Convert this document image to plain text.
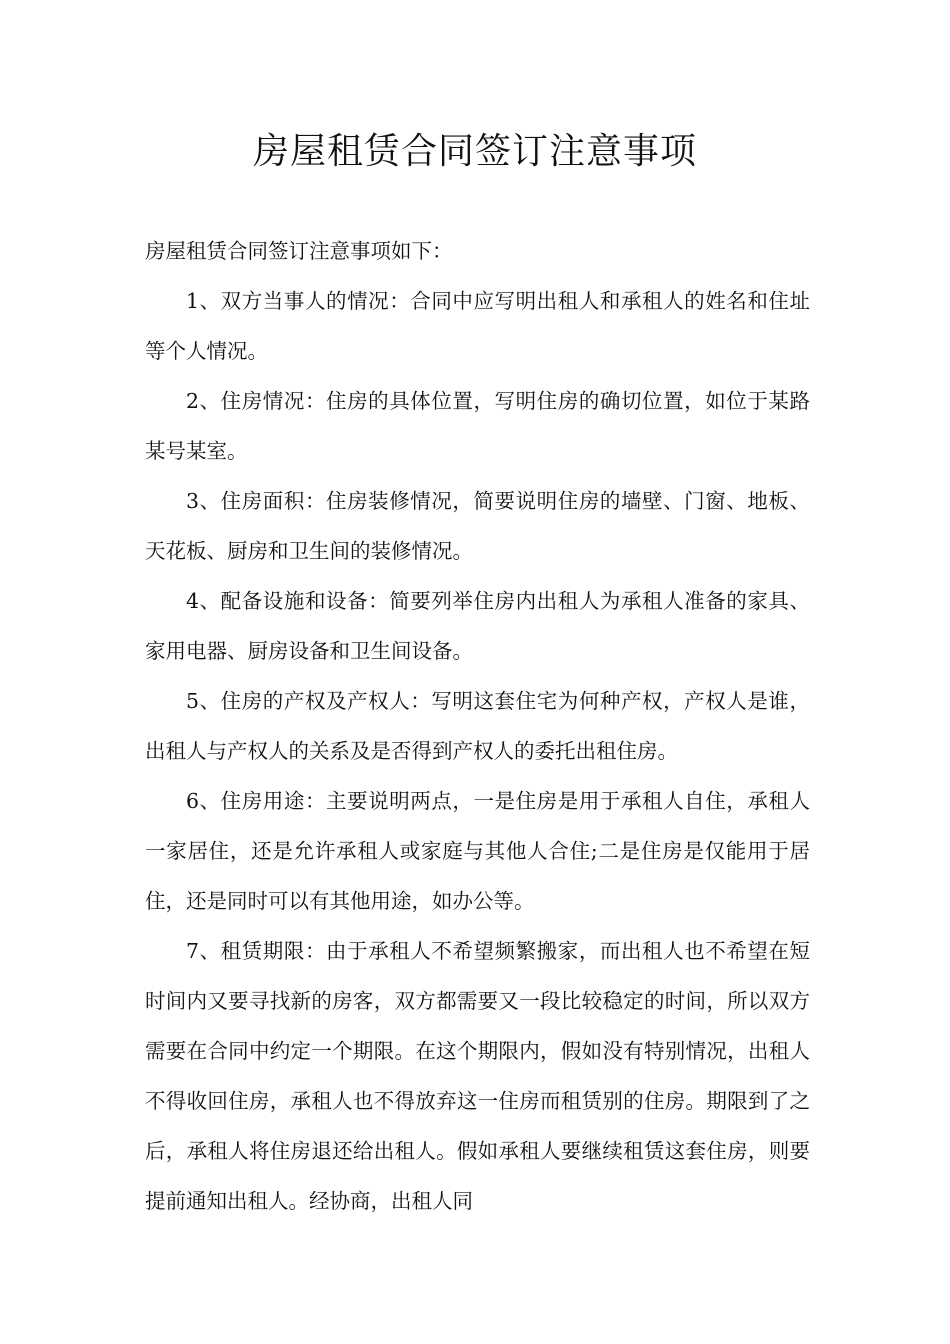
房屋租赁合同签订注意事项

房屋租赁合同签订注意事项如下：

1、双方当事人的情况：合同中应写明出租人和承租人的姓名和住址等个人情况。

2、住房情况：住房的具体位置，写明住房的确切位置，如位于某路某号某室。

3、住房面积：住房装修情况，简要说明住房的墙壁、门窗、地板、天花板、厨房和卫生间的装修情况。

4、配备设施和设备：简要列举住房内出租人为承租人准备的家具、家用电器、厨房设备和卫生间设备。

5、住房的产权及产权人：写明这套住宅为何种产权，产权人是谁，出租人与产权人的关系及是否得到产权人的委托出租住房。

6、住房用途：主要说明两点，一是住房是用于承租人自住，承租人一家居住，还是允许承租人或家庭与其他人合住;二是住房是仅能用于居住，还是同时可以有其他用途，如办公等。

7、租赁期限：由于承租人不希望频繁搬家，而出租人也不希望在短时间内又要寻找新的房客，双方都需要又一段比较稳定的时间，所以双方需要在合同中约定一个期限。在这个期限内，假如没有特别情况，出租人不得收回住房，承租人也不得放弃这一住房而租赁别的住房。期限到了之后，承租人将住房退还给出租人。假如承租人要继续租赁这套住房，则要提前通知出租人。经协商，出租人同
